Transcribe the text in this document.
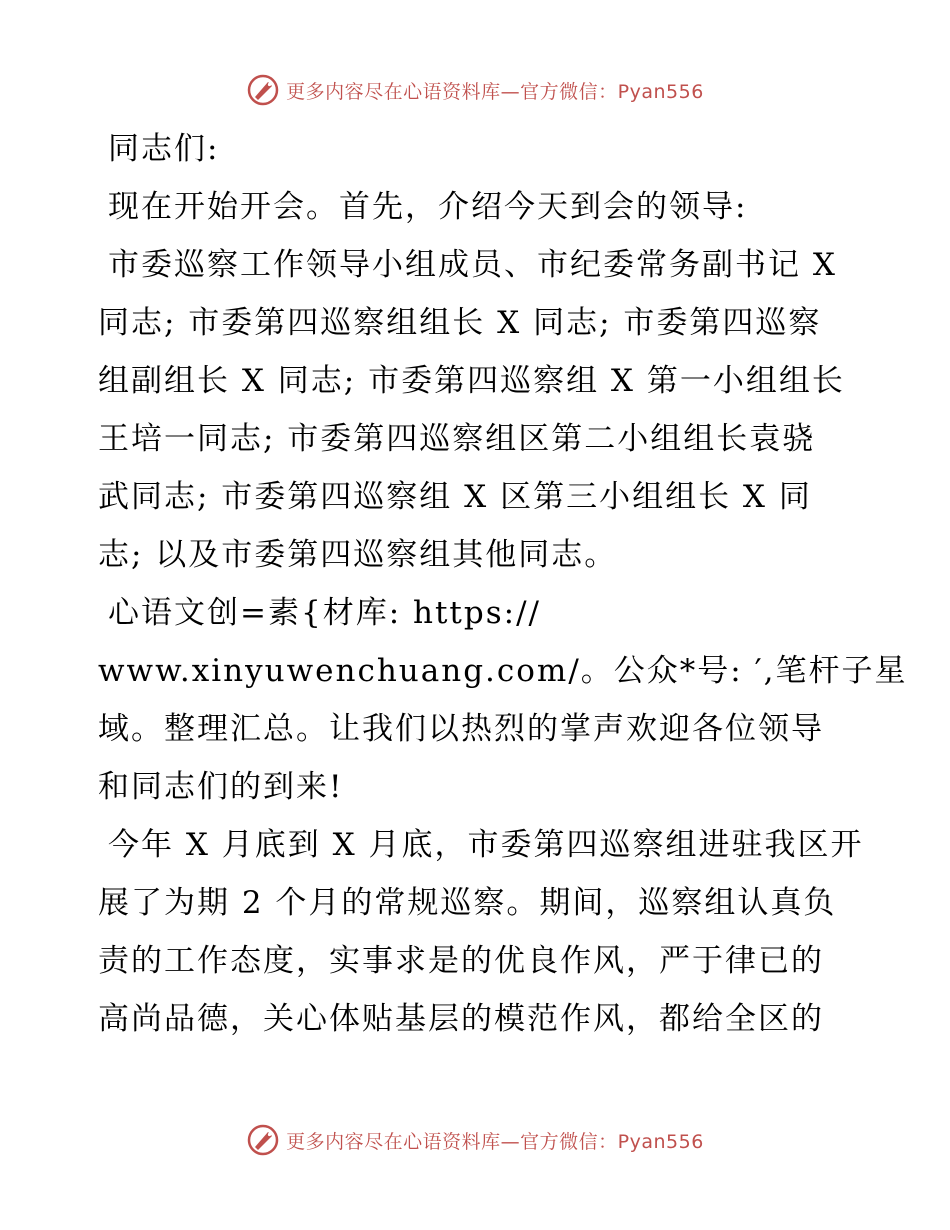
更多内容尽在心语资料库—官方微信：Pyan556

同志们:

现在开始开会。首先，介绍今天到会的领导:

市委巡察工作领导小组成员、市纪委常务副书记 X
同志; 市委第四巡察组组长 X 同志; 市委第四巡察
组副组长 X 同志; 市委第四巡察组 X 第一小组组长
王培一同志; 市委第四巡察组区第二小组组长袁骁
武同志; 市委第四巡察组 X 区第三小组组长 X 同
志; 以及市委第四巡察组其他同志。

心语文创=素{材库: https://
www.xinyuwenchuang.com/。公众*号: ′,笔杆子星
域。整理汇总。让我们以热烈的掌声欢迎各位领导
和同志们的到来!

今年 X 月底到 X 月底，市委第四巡察组进驻我区开
展了为期 2 个月的常规巡察。期间，巡察组认真负
责的工作态度，实事求是的优良作风，严于律已的
高尚品德，关心体贴基层的模范作风，都给全区的

更多内容尽在心语资料库—官方微信：Pyan556
